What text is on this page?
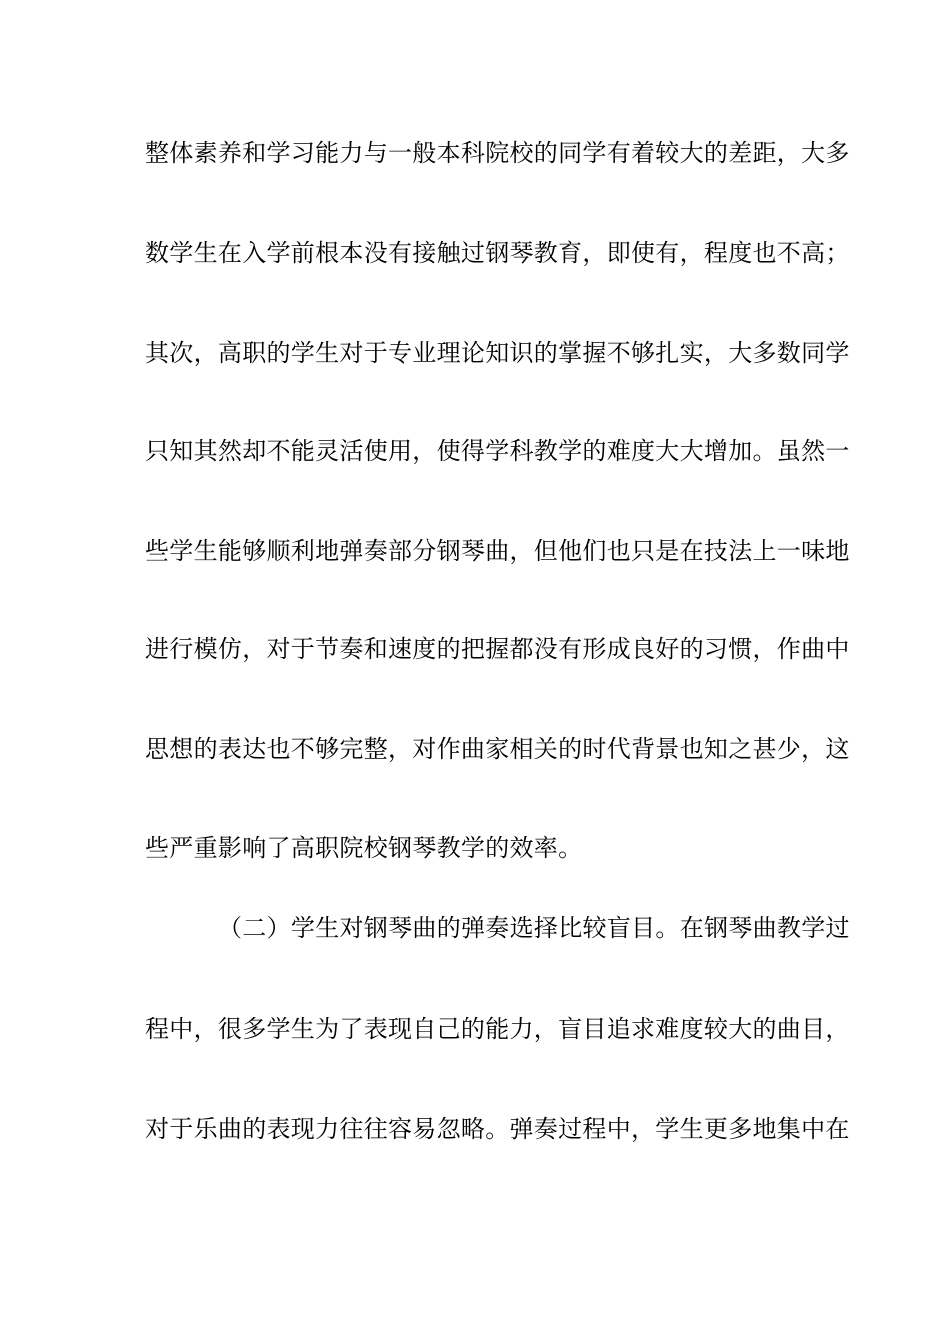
整体素养和学习能力与一般本科院校的同学有着较大的差距，大多
数学生在入学前根本没有接触过钢琴教育，即使有，程度也不高；
其次，高职的学生对于专业理论知识的掌握不够扎实，大多数同学
只知其然却不能灵活使用，使得学科教学的难度大大增加。虽然一
些学生能够顺利地弹奏部分钢琴曲，但他们也只是在技法上一味地
进行模仿，对于节奏和速度的把握都没有形成良好的习惯，作曲中
思想的表达也不够完整，对作曲家相关的时代背景也知之甚少，这
些严重影响了高职院校钢琴教学的效率。
（二）学生对钢琴曲的弹奏选择比较盲目。在钢琴曲教学过
程中，很多学生为了表现自己的能力，盲目追求难度较大的曲目，
对于乐曲的表现力往往容易忽略。弹奏过程中，学生更多地集中在
